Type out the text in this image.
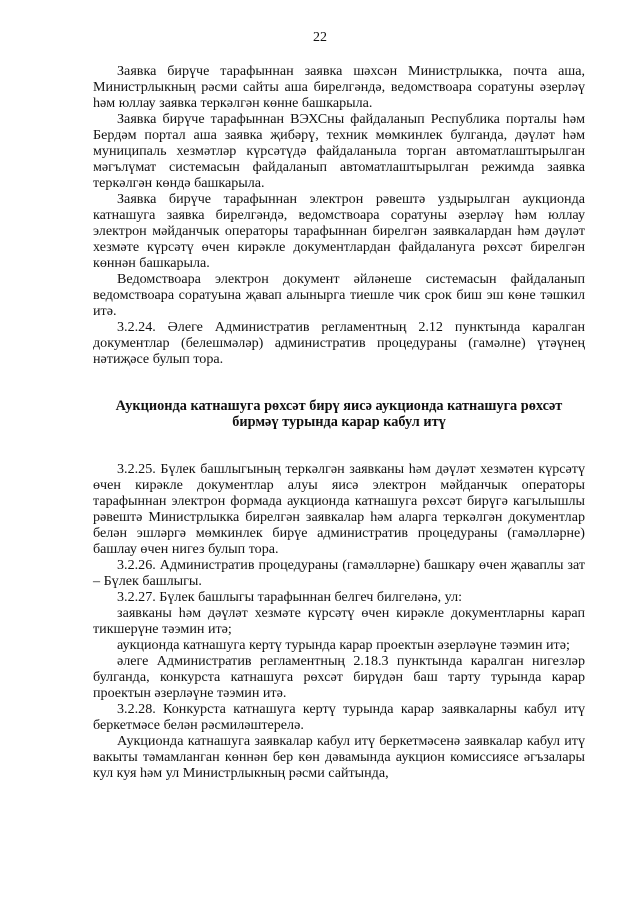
22

Заявка бирүче тарафыннан заявка шәхсән Министрлыкка, почта аша, Министрлыкның рәсми сайты аша бирелгәндә, ведомствоара соратуны әзерләү һәм юллау заявка теркәлгән көнне башкарыла.

Заявка бирүче тарафыннан ВЭХСны файдаланып Республика порталы һәм Бердәм портал аша заявка җибәрү, техник мөмкинлек булганда, дәүләт һәм муниципаль хезмәтләр күрсәтүдә файдаланыла торган автоматлаштырылган мәгълүмат системасын файдаланып автоматлаштырылган режимда заявка теркәлгән көндә башкарыла.

Заявка бирүче тарафыннан электрон рәвештә уздырылган аукционда катнашуга заявка бирелгәндә, ведомствоара соратуны әзерләү һәм юллау электрон мәйданчык операторы тарафыннан бирелгән заявкалардан һәм дәүләт хезмәте күрсәтү өчен кирәкле документлардан файдалануга рөхсәт бирелгән көннән башкарыла.

Ведомствоара электрон документ әйләнеше системасын файдаланып ведомствоара соратуына җавап алынырга тиешле чик срок биш эш көне тәшкил итә.

3.2.24. Әлеге Административ регламентның 2.12 пунктында каралган документлар (белешмәләр) административ процедураны (гамәлне) үтәүнең нәтиҗәсе булып тора.

Аукционда катнашуга рөхсәт бирү яисә аукционда катнашуга рөхсәт бирмәү турында карар кабул итү

3.2.25. Бүлек башлыгының теркәлгән заявканы һәм дәүләт хезмәтен күрсәтү өчен кирәкле документлар алуы яисә электрон мәйданчык операторы тарафыннан электрон формада аукционда катнашуга рөхсәт бирүгә кагылышлы рәвештә Министрлыкка бирелгән заявкалар һәм аларга теркәлгән документлар белән эшләргә мөмкинлек бирүе административ процедураны (гамәлләрне) башлау өчен нигез булып тора.

3.2.26. Административ процедураны (гамәлләрне) башкару өчен җаваплы зат – Бүлек башлыгы.

3.2.27. Бүлек башлыгы тарафыннан белгеч билгеләнә, ул:

заявканы һәм дәүләт хезмәте күрсәтү өчен кирәкле документларны карап тикшерүне тәэмин итә;

аукционда катнашуга кертү турында карар проектын әзерләүне тәэмин итә;

әлеге Административ регламентның 2.18.3 пунктында каралган нигезләр булганда, конкурста катнашуга рөхсәт бирүдән баш тарту турында карар проектын әзерләүне тәэмин итә.

3.2.28. Конкурста катнашуга кертү турында карар заявкаларны кабул итү беркетмәсе белән рәсмиләштерелә.

Аукционда катнашуга заявкалар кабул итү беркетмәсенә заявкалар кабул итү вакыты тәмамланган көннән бер көн дәвамында аукцион комиссиясе әгъзалары кул куя һәм ул Министрлыкның рәсми сайтында,
